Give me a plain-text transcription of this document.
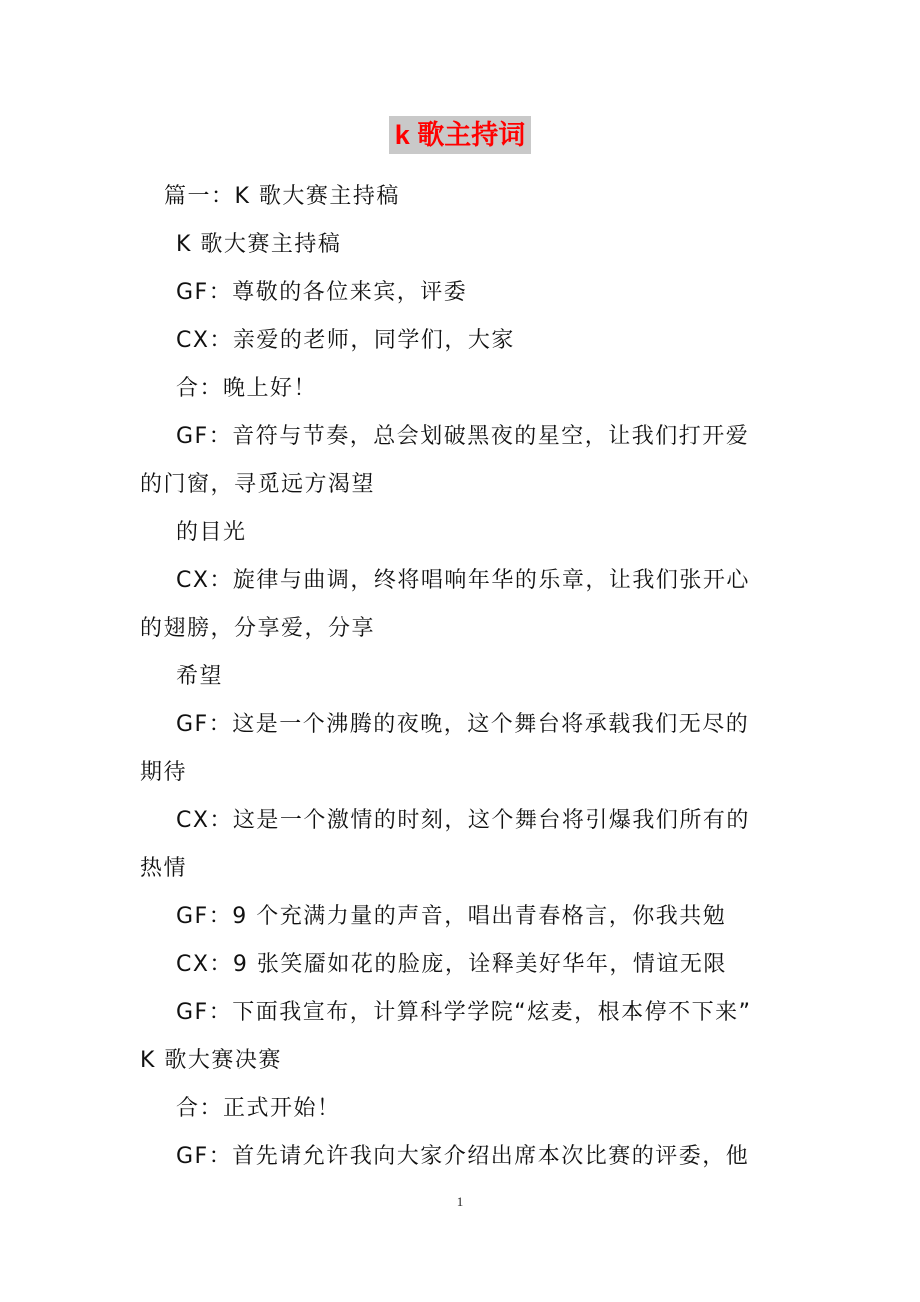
k 歌主持词
篇一：K 歌大赛主持稿
K 歌大赛主持稿
GF：尊敬的各位来宾，评委
CX：亲爱的老师，同学们，大家
合：晚上好！
GF：音符与节奏，总会划破黑夜的星空，让我们打开爱
的门窗，寻觅远方渴望
的目光
CX：旋律与曲调，终将唱响年华的乐章，让我们张开心
的翅膀，分享爱，分享
希望
GF：这是一个沸腾的夜晚，这个舞台将承载我们无尽的
期待
CX：这是一个激情的时刻，这个舞台将引爆我们所有的
热情
GF：9 个充满力量的声音，唱出青春格言，你我共勉
CX：9 张笑靥如花的脸庞，诠释美好华年，情谊无限
GF：下面我宣布，计算科学学院“炫麦，根本停不下来”
K 歌大赛决赛
合：正式开始！
GF：首先请允许我向大家介绍出席本次比赛的评委，他
1
